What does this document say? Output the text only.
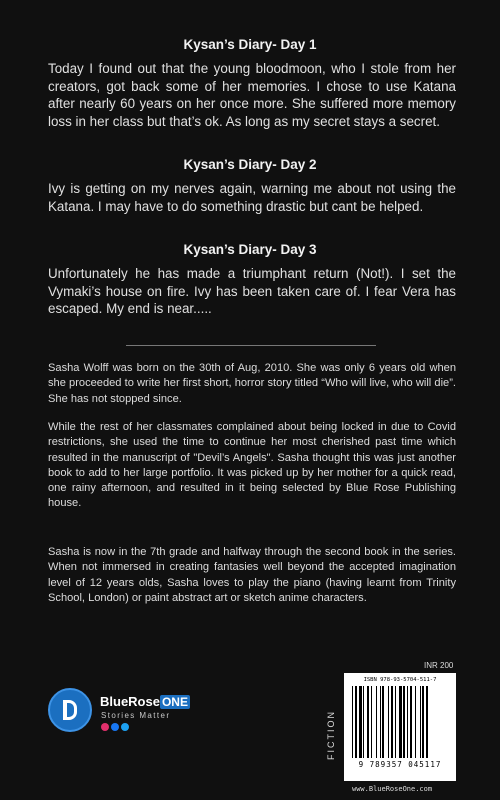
Kysan’s Diary- Day 1
Today I found out that the young bloodmoon, who I stole from her creators, got back some of her memories. I chose to use Katana after nearly 60 years on her once more. She suffered more memory loss in her class but that’s ok. As long as my secret stays a secret.
Kysan’s Diary- Day 2
Ivy is getting on my nerves again, warning me about not using the Katana. I may have to do something drastic but cant be helped.
Kysan’s Diary- Day 3
Unfortunately he has made a triumphant return (Not!). I set the Vymaki’s house on fire. Ivy has been taken care of. I fear Vera has escaped. My end is near.....
Sasha Wolff was born on the 30th of Aug, 2010. She was only 6 years old when she proceeded to write her first short, horror story titled “Who will live, who will die”. She has not stopped since.
While the rest of her classmates complained about being locked in due to Covid restrictions, she used the time to continue her most cherished past time which resulted in the manuscript of "Devil’s Angels". Sasha thought this was just another book to add to her large portfolio. It was picked up by her mother for a quick read, one rainy afternoon, and resulted in it being selected by Blue Rose Publishing house.
Sasha is now in the 7th grade and halfway through the second book in the series. When not immersed in creating fantasies well beyond the accepted imagination level of 12 years olds, Sasha loves to play the piano (having learnt from Trinity School, London) or paint abstract art or sketch anime characters.
BlueRose ONE
Stories Matter	FICTION
INR 200
ISBN 978-93-5704-511-7
9 789357 045117
www.BlueRoseOne.com
